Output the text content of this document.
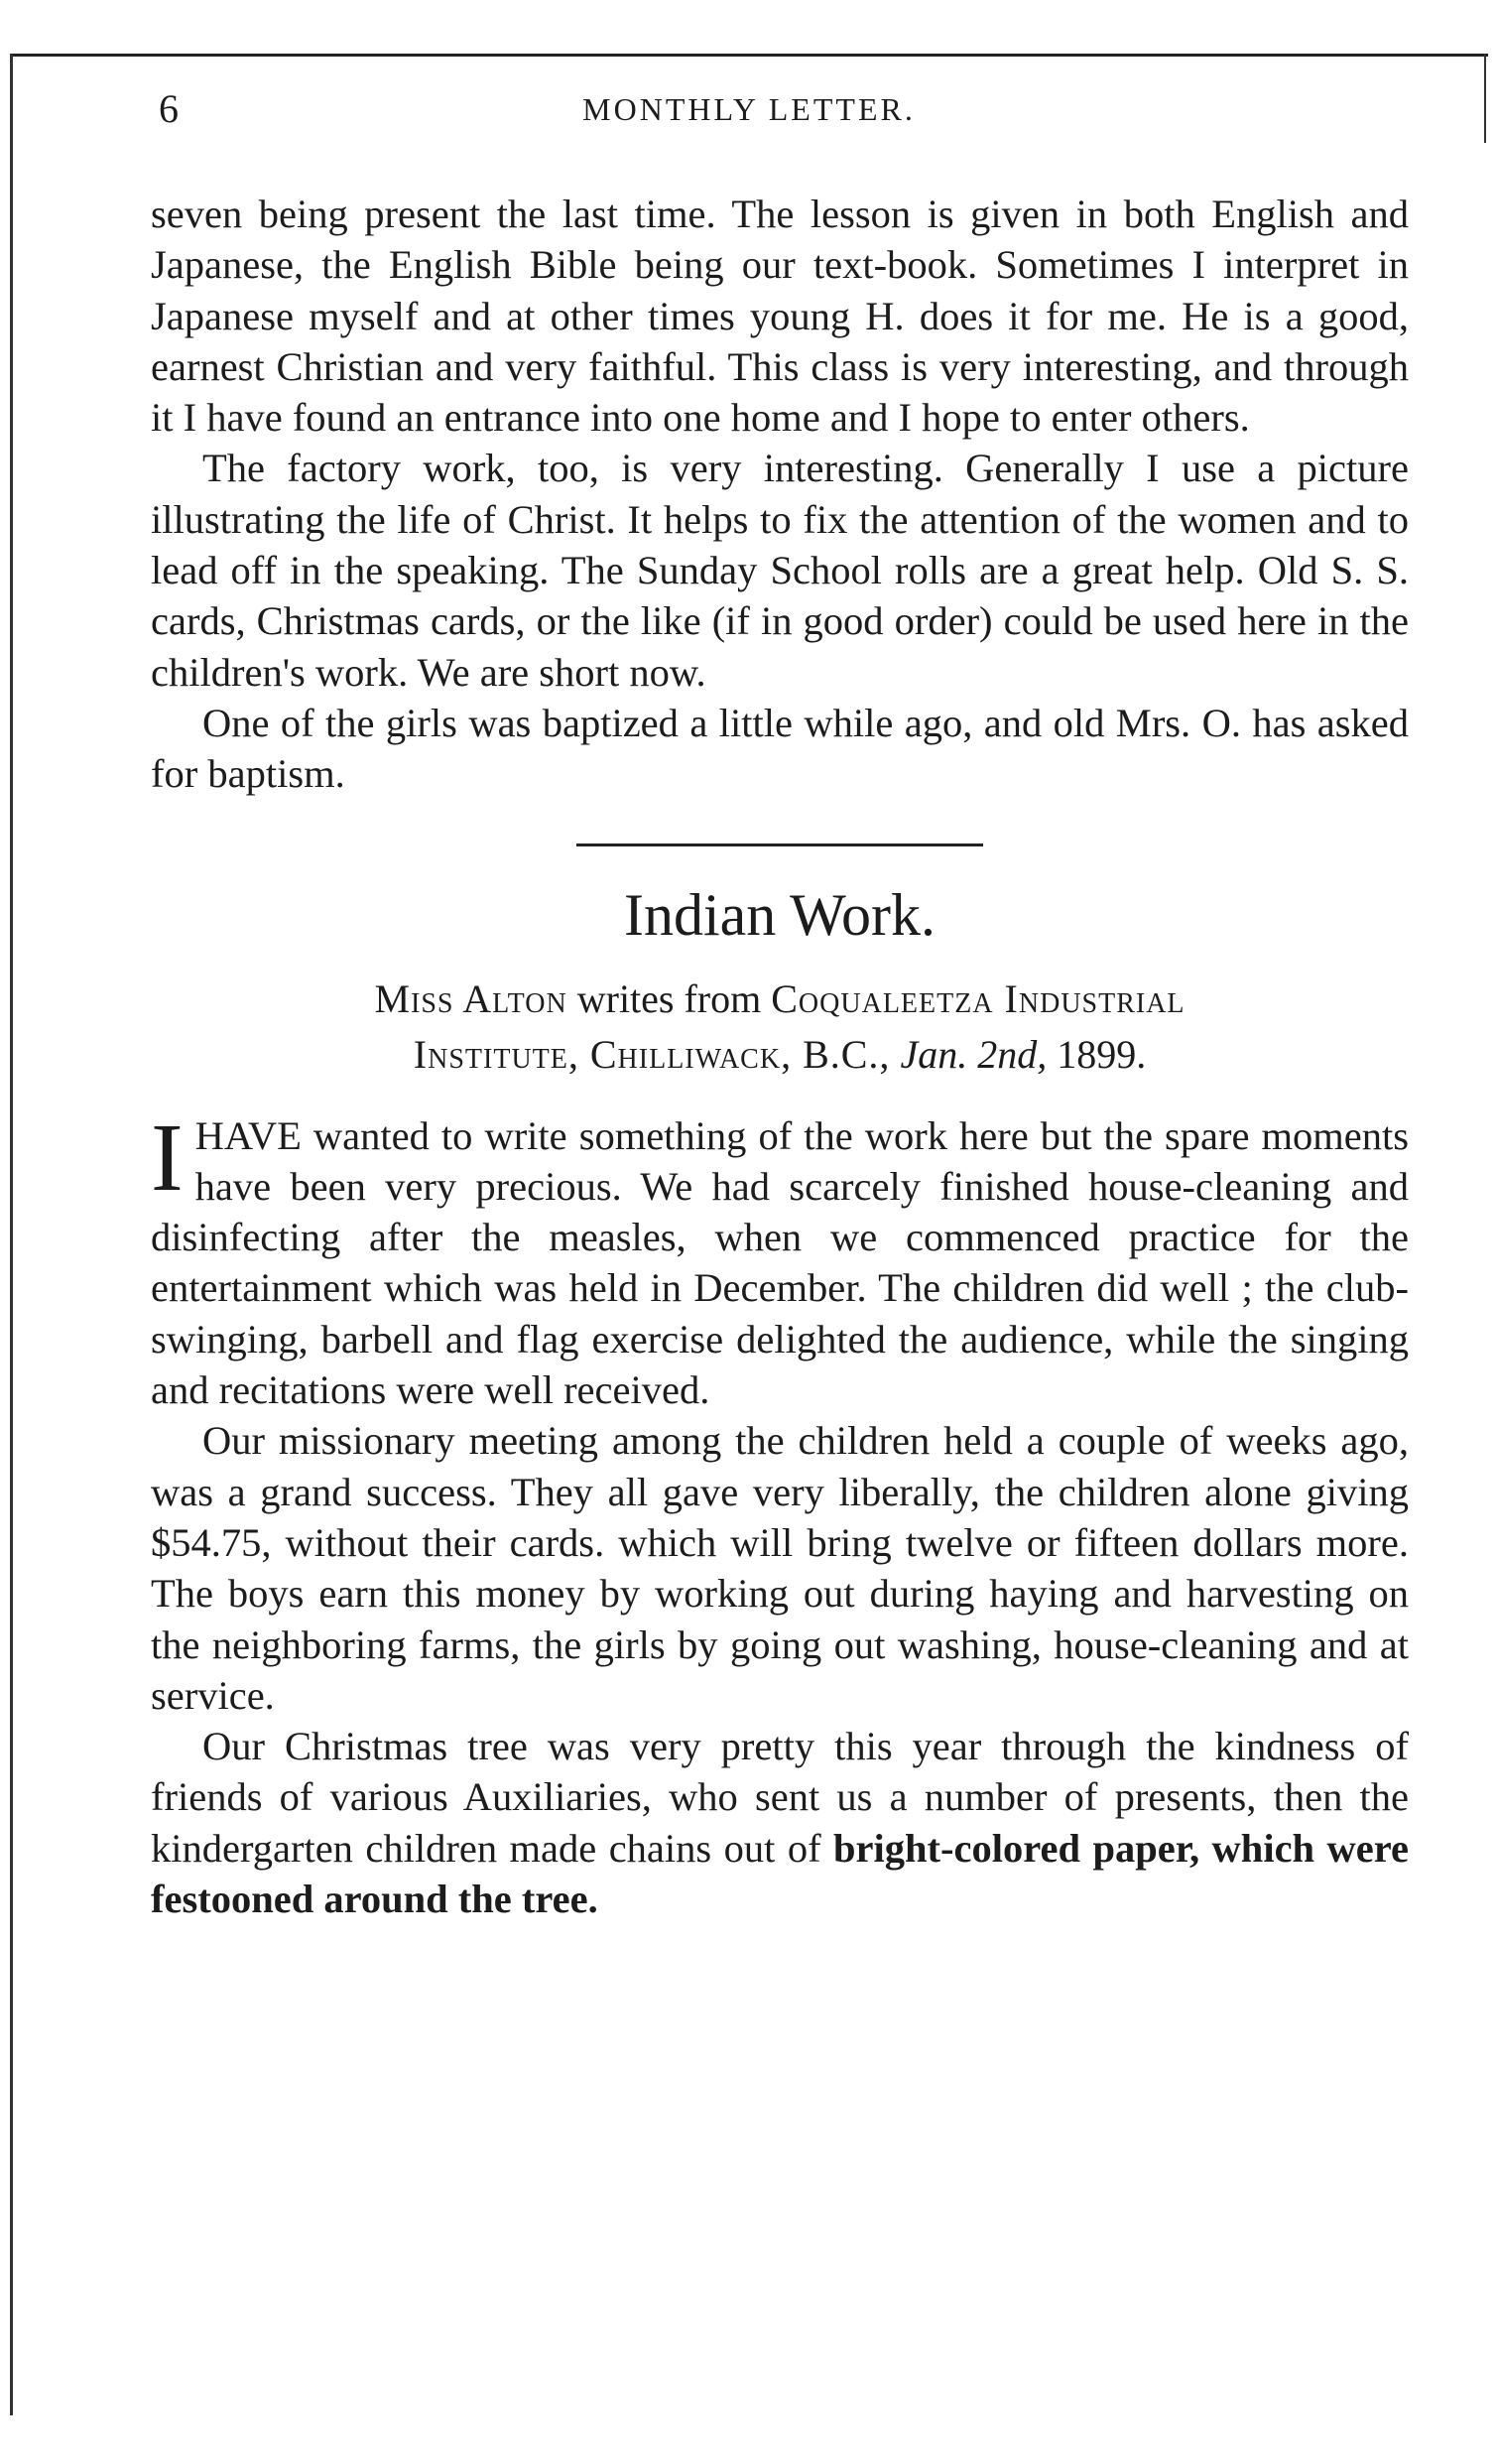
6	MONTHLY LETTER.

seven being present the last time. The lesson is given in both English and Japanese, the English Bible being our text-book. Sometimes I interpret in Japanese myself and at other times young H. does it for me. He is a good, earnest Christian and very faithful. This class is very interesting, and through it I have found an entrance into one home and I hope to enter others.

The factory work, too, is very interesting. Generally I use a picture illustrating the life of Christ. It helps to fix the attention of the women and to lead off in the speaking. The Sunday School rolls are a great help. Old S. S. cards, Christmas cards, or the like (if in good order) could be used here in the children's work. We are short now.

One of the girls was baptized a little while ago, and old Mrs. O. has asked for baptism.

Indian Work.
Miss Alton writes from Coqualeetza Industrial
Institute, Chilliwack, B.C., Jan. 2nd, 1899.

I HAVE wanted to write something of the work here but the spare moments have been very precious. We had scarcely finished house-cleaning and disinfecting after the measles, when we commenced practice for the entertainment which was held in December. The children did well ; the club-swinging, barbell and flag exercise delighted the audience, while the singing and recitations were well received.

Our missionary meeting among the children held a couple of weeks ago, was a grand success. They all gave very liberally, the children alone giving $54.75, without their cards. which will bring twelve or fifteen dollars more. The boys earn this money by working out during haying and harvesting on the neighboring farms, the girls by going out washing, house-cleaning and at service.

Our Christmas tree was very pretty this year through the kindness of friends of various Auxiliaries, who sent us a number of presents, then the kindergarten children made chains out of bright-colored paper, which were festooned around the tree.
